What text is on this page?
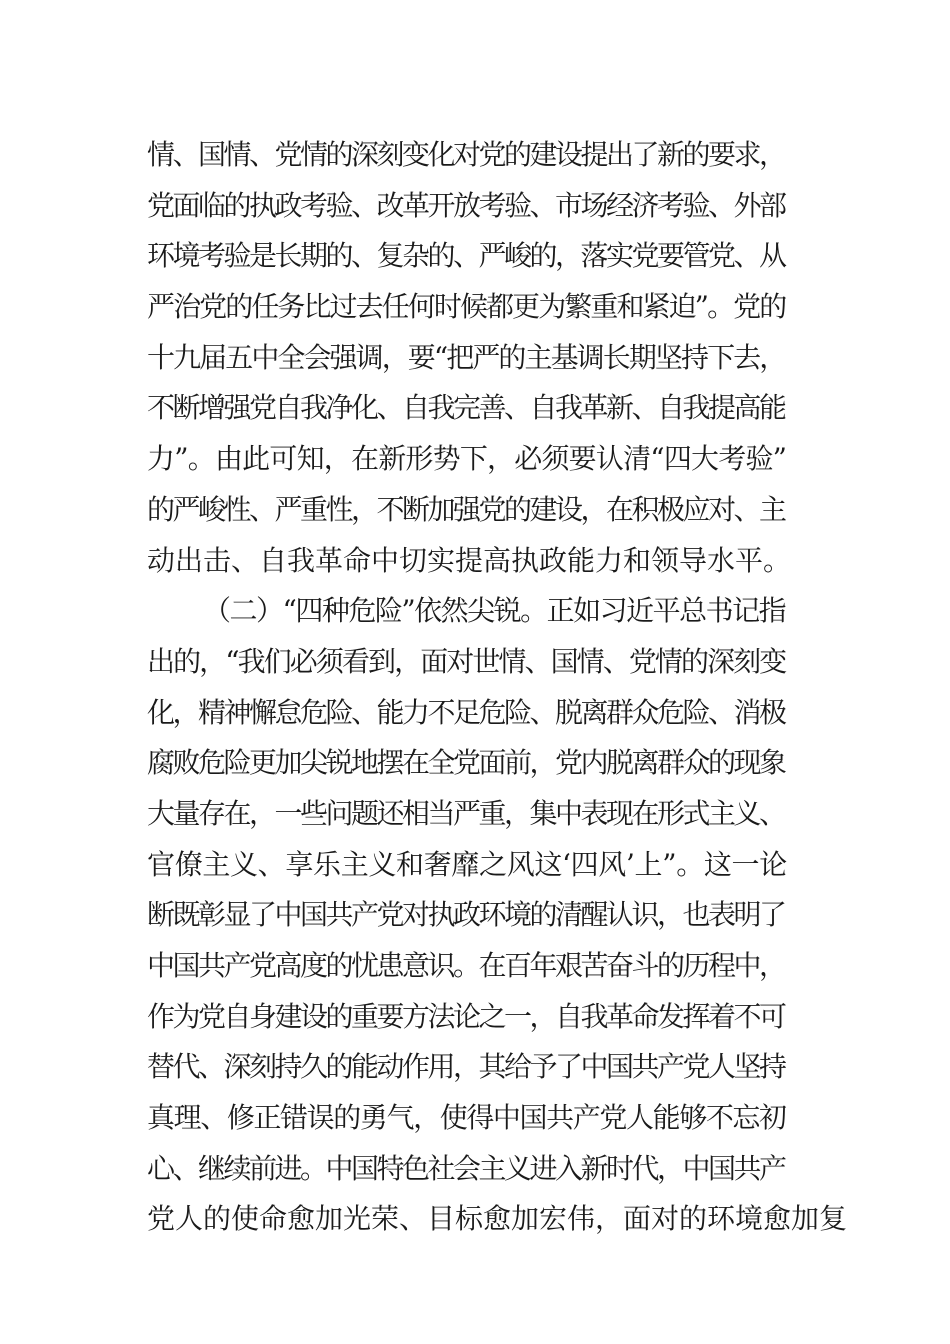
情、国情、党情的深刻变化对党的建设提出了新的要求，
党面临的执政考验、改革开放考验、市场经济考验、外部
环境考验是长期的、复杂的、严峻的，落实党要管党、从
严治党的任务比过去任何时候都更为繁重和紧迫”。党的
十九届五中全会强调，要“把严的主基调长期坚持下去，
不断增强党自我净化、自我完善、自我革新、自我提高能
力”。由此可知，在新形势下，必须要认清“四大考验”
的严峻性、严重性，不断加强党的建设，在积极应对、主
动出击、自我革命中切实提高执政能力和领导水平。
（二）“四种危险”依然尖锐。正如习近平总书记指
出的，“我们必须看到，面对世情、国情、党情的深刻变
化，精神懈怠危险、能力不足危险、脱离群众危险、消极
腐败危险更加尖锐地摆在全党面前，党内脱离群众的现象
大量存在，一些问题还相当严重，集中表现在形式主义、
官僚主义、享乐主义和奢靡之风这‘四风’上”。这一论
断既彰显了中国共产党对执政环境的清醒认识，也表明了
中国共产党高度的忧患意识。在百年艰苦奋斗的历程中，
作为党自身建设的重要方法论之一，自我革命发挥着不可
替代、深刻持久的能动作用，其给予了中国共产党人坚持
真理、修正错误的勇气，使得中国共产党人能够不忘初
心、继续前进。中国特色社会主义进入新时代，中国共产
党人的使命愈加光荣、目标愈加宏伟，面对的环境愈加复
